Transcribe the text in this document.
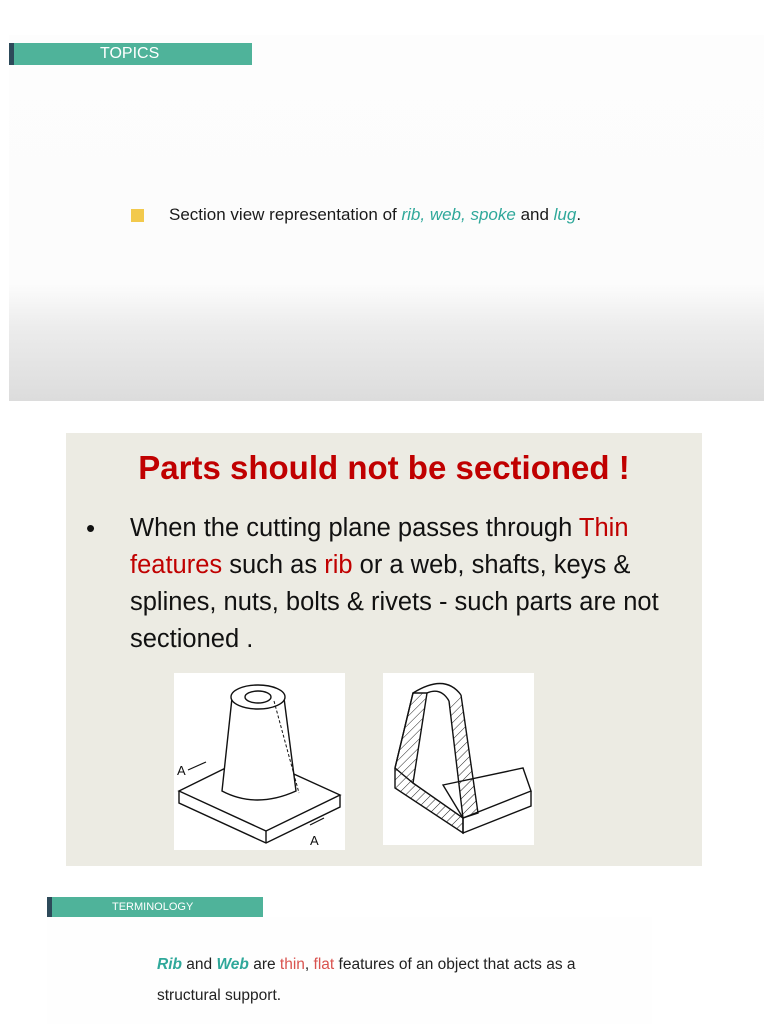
TOPICS
Section view representation of rib, web, spoke and lug.
Parts should not be sectioned !
• When the cutting plane passes through Thin features such as rib or a web, shafts, keys & splines, nuts, bolts & rivets - such parts are not sectioned .
A
A
Rib and Web are thin, flat features of an object that acts as a structural support.
TERMINOLOGY
